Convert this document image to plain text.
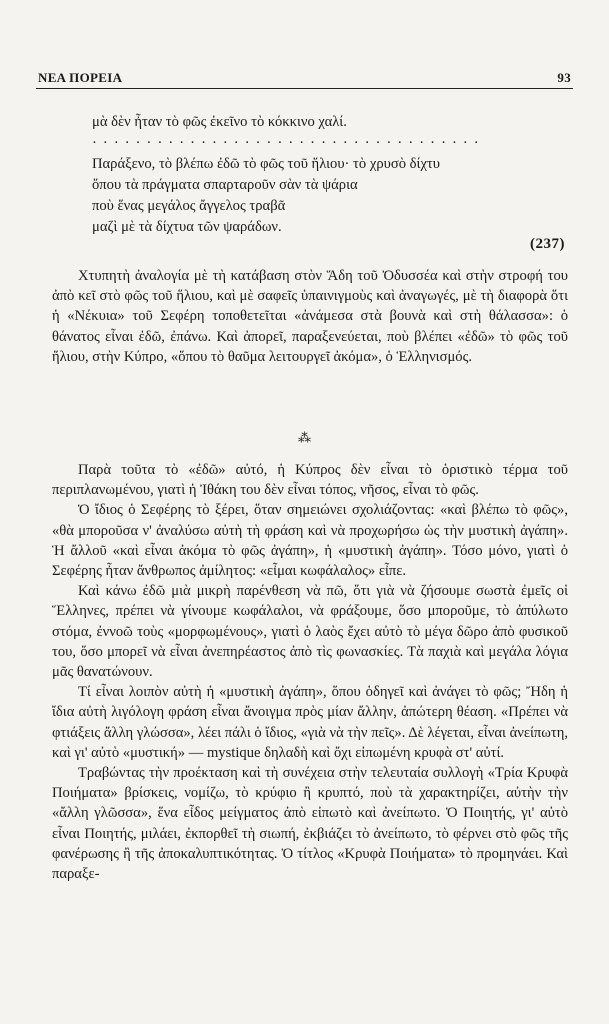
ΝΕΑ ΠΟΡΕΙΑ	93
μὰ δὲν ἦταν τὸ φῶς ἐκεῖνο τὸ κόκκινο χαλί.
· · · · · · · · · · · · · · · · · · · · · · · · · · · · · · · · · · · ·
Παράξενο, τὸ βλέπω ἐδῶ τὸ φῶς τοῦ ἥλιου· τὸ χρυσὸ δίχτυ
ὅπου τὰ πράγματα σπαρταροῦν σὰν τὰ ψάρια
ποὺ ἕνας μεγάλος ἄγγελος τραβᾶ
μαζὶ μὲ τὰ δίχτυα τῶν ψαράδων.
(237)

Χτυπητὴ ἀναλογία μὲ τὴ κατάβαση στὸν Ἅδη τοῦ Ὀδυσσέα καὶ στὴν στροφή του ἀπὸ κεῖ στὸ φῶς τοῦ ἥλιου, καὶ μὲ σαφεῖς ὑπαινιγμοὺς καὶ ἀναγωγές, μὲ τὴ διαφορὰ ὅτι ἡ «Νέκυια» τοῦ Σεφέρη τοποθετεῖται «ἀνάμεσα στὰ βουνὰ καὶ στὴ θάλασσα»: ὁ θάνατος εἶναι ἐδῶ, ἐπάνω. Καὶ ἀπορεῖ, παραξενεύεται, ποὺ βλέπει «ἐδῶ» τὸ φῶς τοῦ ἥλιου, στὴν Κύπρο, «ὅπου τὸ θαῦμα λειτουργεῖ ἀκόμα», ὁ Ἑλληνισμός.

⁂

Παρὰ τοῦτα τὸ «ἐδῶ» αὐτό, ἡ Κύπρος δὲν εἶναι τὸ ὁριστικὸ τέρμα τοῦ περιπλανωμένου, γιατὶ ἡ Ἰθάκη του δὲν εἶναι τόπος, νῆσος, εἶναι τὸ φῶς.

Ὁ ἴδιος ὁ Σεφέρης τὸ ξέρει, ὅταν σημειώνει σχολιάζοντας: «καὶ βλέπω τὸ φῶς», «θὰ μποροῦσα ν' ἀναλύσω αὐτὴ τὴ φράση καὶ νὰ προχωρήσω ὡς τὴν μυστικὴ ἀγάπη». Ἡ ἄλλοῦ «καὶ εἶναι ἀκόμα τὸ φῶς ἀγάπη», ἡ «μυστικὴ ἀγάπη». Τόσο μόνο, γιατὶ ὁ Σεφέρης ἦταν ἄνθρωπος ἀμίλητος: «εἶμαι κωφάλαλος» εἶπε.

Καὶ κάνω ἐδῶ μιὰ μικρὴ παρένθεση νὰ πῶ, ὅτι γιὰ νὰ ζήσουμε σωστὰ ἐμεῖς οἱ Ἕλληνες, πρέπει νὰ γίνουμε κωφάλαλοι, νὰ φράξουμε, ὅσο μποροῦμε, τὸ ἀπύλωτο στόμα, ἐννοῶ τοὺς «μορφωμένους», γιατὶ ὁ λαὸς ἔχει αὐτὸ τὸ μέγα δῶρο ἀπὸ φυσικοῦ του, ὅσο μπορεῖ νὰ εἶναι ἀνεπηρέαστος ἀπὸ τὶς φωνασκίες. Τὰ παχιὰ καὶ μεγάλα λόγια μᾶς θανατώνουν.

Τί εἶναι λοιπὸν αὐτὴ ἡ «μυστικὴ ἀγάπη», ὅπου ὁδηγεῖ καὶ ἀνάγει τὸ φῶς; Ἤδη ἡ ἴδια αὐτὴ λιγόλογη φράση εἶναι ἄνοιγμα πρὸς μίαν ἄλλην, ἀπώτερη θέαση. «Πρέπει νὰ φτιάξεις ἄλλη γλώσσα», λέει πάλι ὁ ἴδιος, «γιὰ νὰ τὴν πεῖς». Δὲ λέγεται, εἶναι ἀνείπωτη, καὶ γι' αὐτὸ «μυστική» — mystique δηλαδὴ καὶ ὄχι εἰπωμένη κρυφὰ στ' αὐτί.

Τραβώντας τὴν προέκταση καὶ τὴ συνέχεια στὴν τελευταία συλλογὴ «Τρία Κρυφὰ Ποιήματα» βρίσκεις, νομίζω, τὸ κρύφιο ἢ κρυπτό, ποὺ τὰ χαρακτηρίζει, αὐτὴν τὴν «ἄλλη γλῶσσα», ἕνα εἶδος μείγματος ἀπὸ εἰπωτὸ καὶ ἀνείπωτο. Ὁ Ποιητής, γι' αὐτὸ εἶναι Ποιητής, μιλάει, ἐκπορθεῖ τὴ σιωπή, ἐκβιάζει τὸ ἀνείπωτο, τὸ φέρνει στὸ φῶς τῆς φανέρωσης ἢ τῆς ἀποκαλυπτικότητας. Ὁ τίτλος «Κρυφὰ Ποιήματα» τὸ προμηνάει. Καὶ παραξε-
